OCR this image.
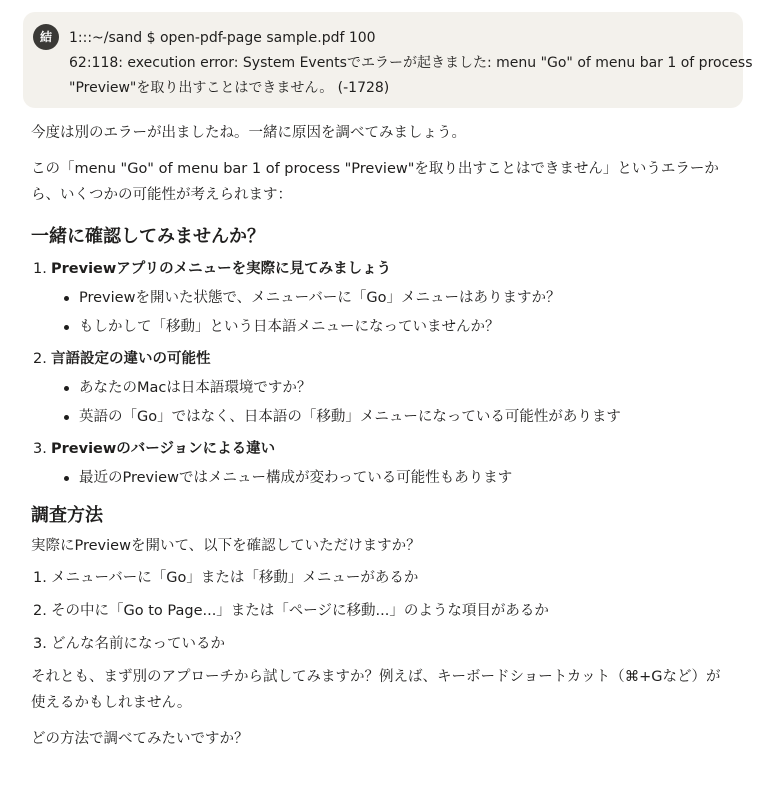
結	1:::~/sand $ open-pdf-page sample.pdf 100
62:118: execution error: System Eventsでエラーが起きました: menu "Go" of menu bar 1 of process
"Preview"を取り出すことはできません。 (-1728)

今度は別のエラーが出ましたね。一緒に原因を調べてみましょう。

この「menu "Go" of menu bar 1 of process "Preview"を取り出すことはできません」というエラーから、いくつかの可能性が考えられます：

一緒に確認してみませんか？
1. Previewアプリのメニューを実際に見てみましょう
Previewを開いた状態で、メニューバーに「Go」メニューはありますか？
もしかして「移動」という日本語メニューになっていませんか？
2. 言語設定の違いの可能性
あなたのMacは日本語環境ですか？
英語の「Go」ではなく、日本語の「移動」メニューになっている可能性があります
3. Previewのバージョンによる違い
最近のPreviewではメニュー構成が変わっている可能性もあります
調査方法

実際にPreviewを開いて、以下を確認していただけますか？

1. メニューバーに「Go」または「移動」メニューがあるか
2. その中に「Go to Page...」または「ページに移動...」のような項目があるか
3. どんな名前になっているか

それとも、まず別のアプローチから試してみますか？例えば、キーボードショートカット（⌘+Gなど）が使えるかもしれません。

どの方法で調べてみたいですか？
